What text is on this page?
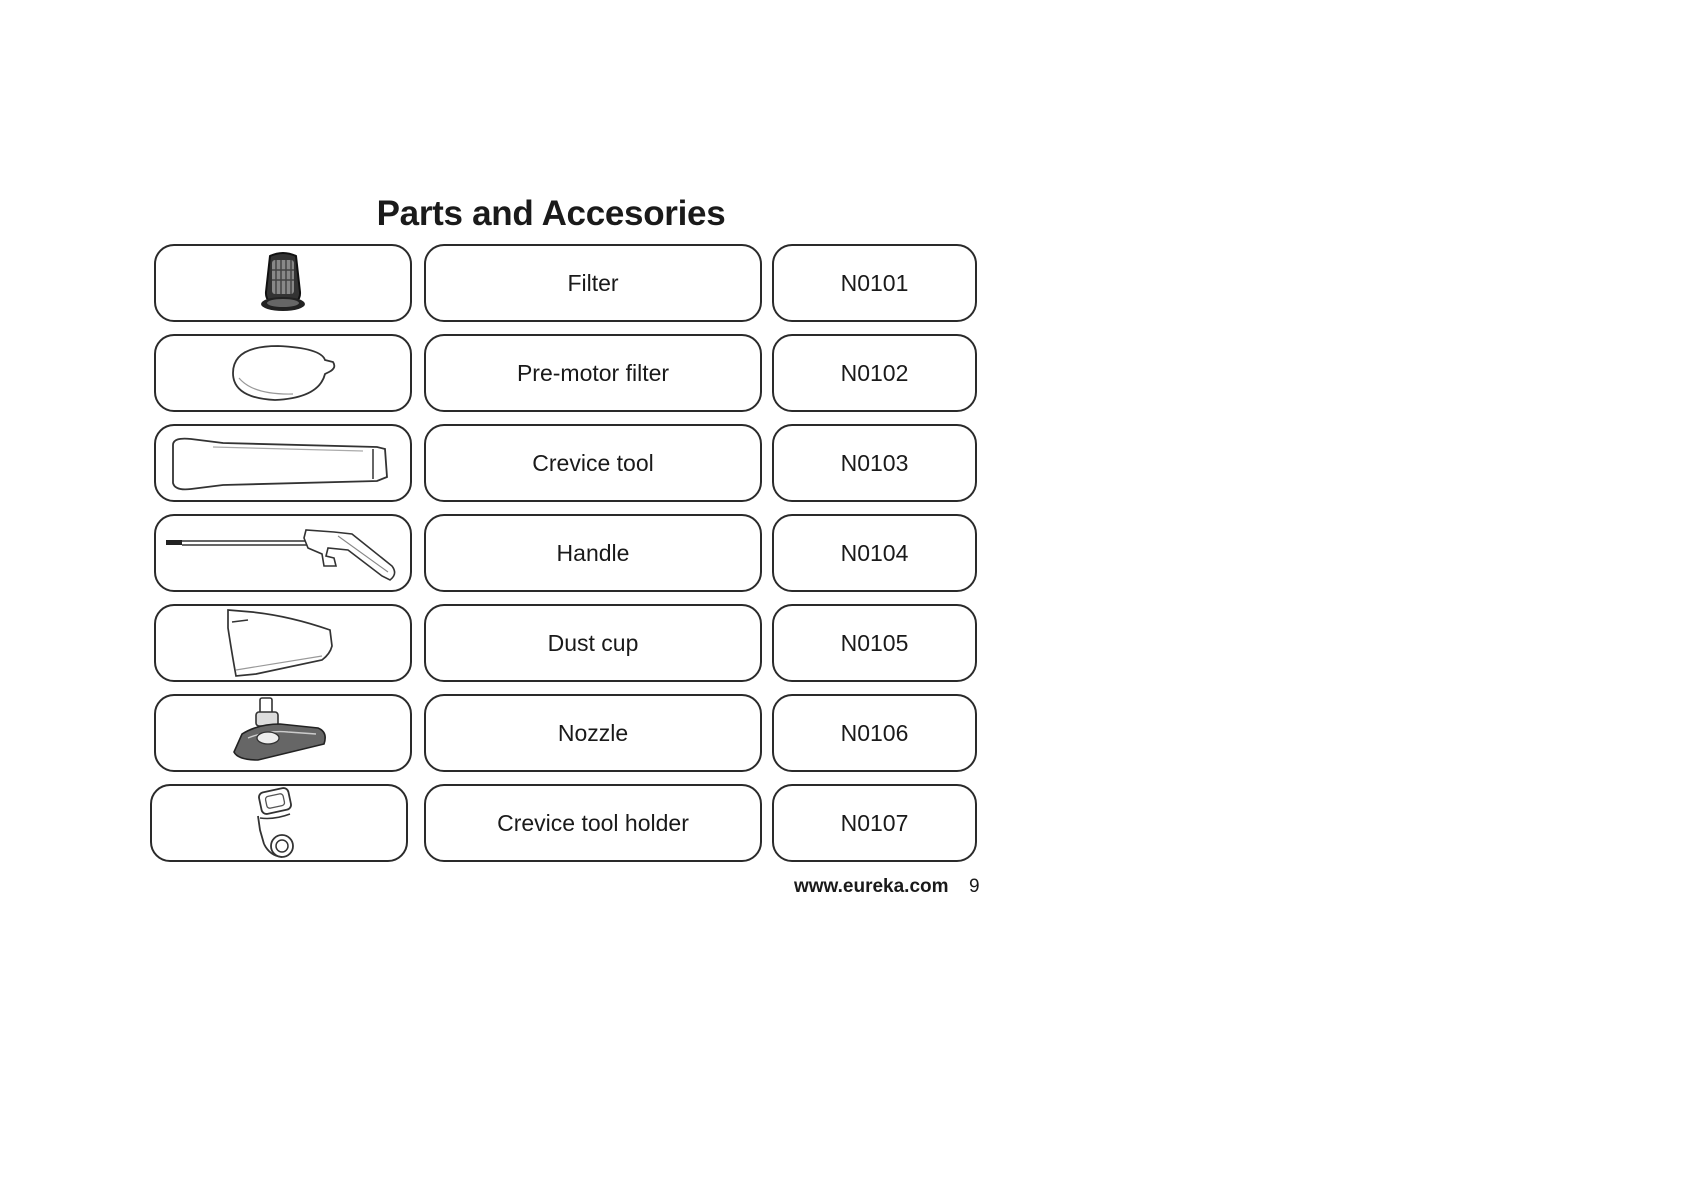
Parts and Accesories
Filter	N0101
Pre-motor filter	N0102
Crevice tool	N0103
Handle	N0104
Dust cup	N0105
Nozzle	N0106
Crevice tool holder	N0107
www.eureka.com 9
